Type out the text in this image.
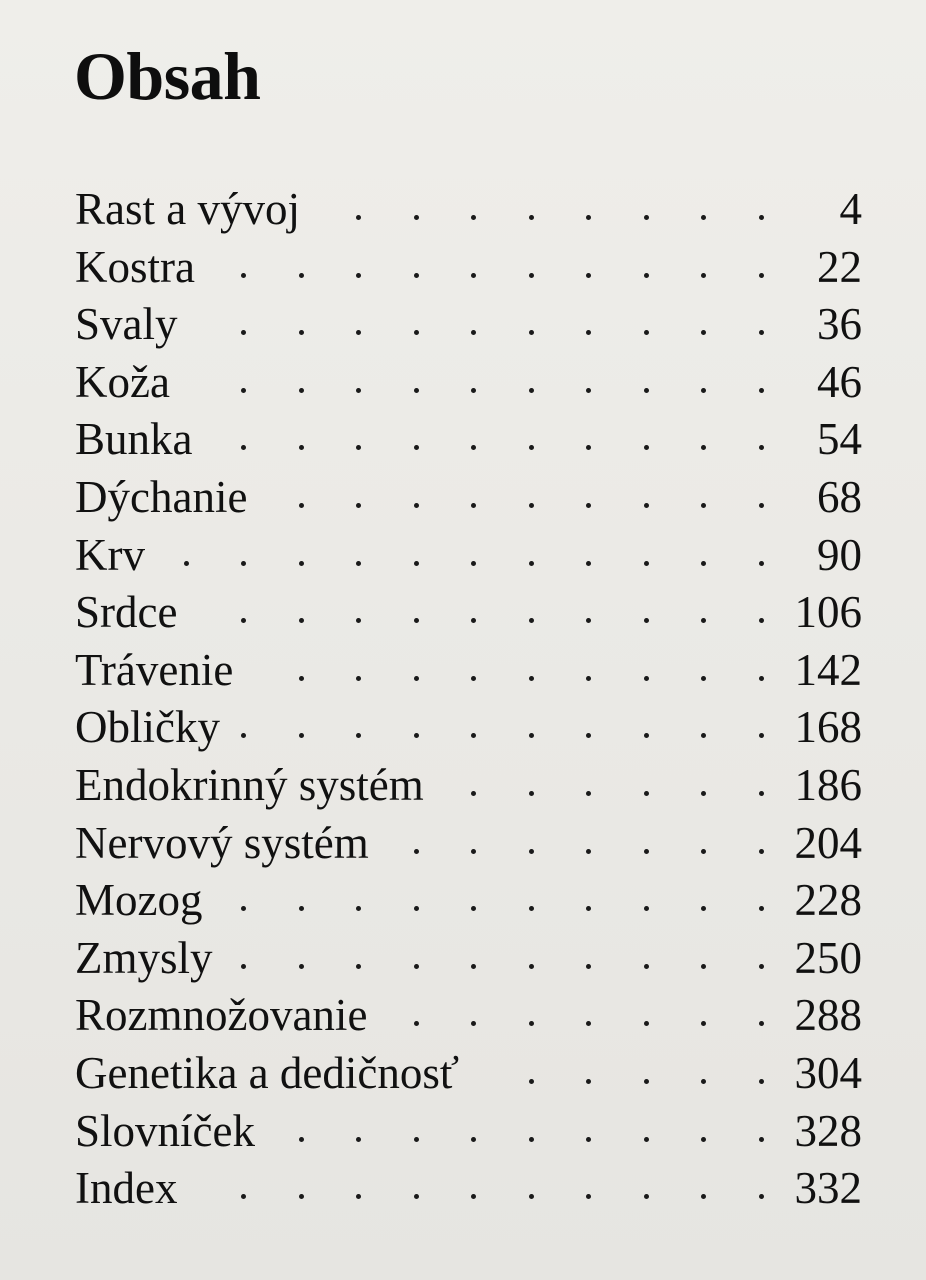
Obsah
Rast a vývoj	4
Kostra	22
Svaly	36
Koža	46
Bunka	54
Dýchanie	68
Krv	90
Srdce	106
Trávenie	142
Obličky	168
Endokrinný systém	186
Nervový systém	204
Mozog	228
Zmysly	250
Rozmnožovanie	288
Genetika a dedičnosť	304
Slovníček	328
Index	332
